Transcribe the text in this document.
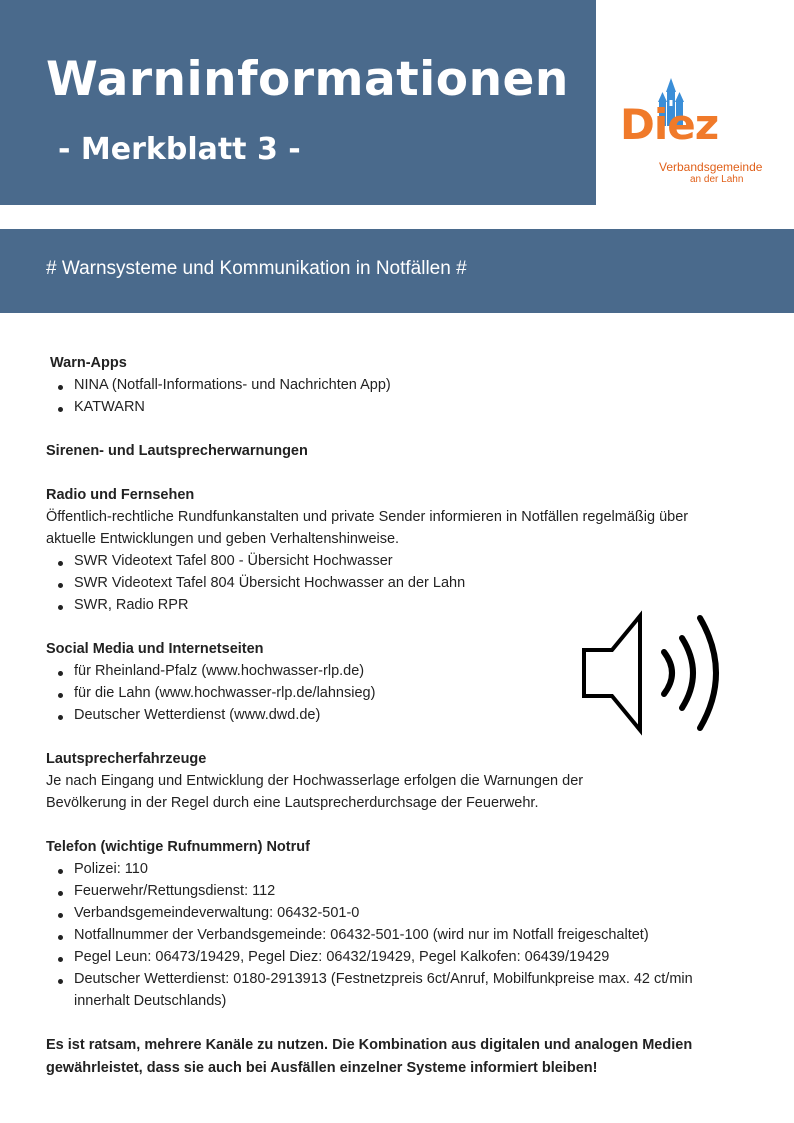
Warninformationen
- Merkblatt 3 -
Diez
Verbandsgemeinde
an der Lahn
# Warnsysteme und Kommunikation in Notfällen #
Warn-Apps
NINA (Notfall-Informations- und Nachrichten App)
KATWARN
Sirenen- und Lautsprecherwarnungen
Radio und Fernsehen

Öffentlich-rechtliche Rundfunkanstalten und private Sender informieren in Notfällen regelmäßig über aktuelle Entwicklungen und geben Verhaltenshinweise.

SWR Videotext Tafel 800 - Übersicht Hochwasser
SWR Videotext Tafel 804 Übersicht Hochwasser an der Lahn
SWR, Radio RPR
Social Media und Internetseiten
für Rheinland-Pfalz (www.hochwasser-rlp.de)
für die Lahn (www.hochwasser-rlp.de/lahnsieg)
Deutscher Wetterdienst (www.dwd.de)
Lautsprecherfahrzeuge

Je nach Eingang und Entwicklung der Hochwasserlage erfolgen die Warnungen der Bevölkerung in der Regel durch eine Lautsprecherdurchsage der Feuerwehr.

Telefon (wichtige Rufnummern) Notruf
Polizei: 110
Feuerwehr/Rettungsdienst: 112
Verbandsgemeindeverwaltung: 06432-501-0
Notfallnummer der Verbandsgemeinde: 06432-501-100 (wird nur im Notfall freigeschaltet)
Pegel Leun: 06473/19429, Pegel Diez: 06432/19429, Pegel Kalkofen: 06439/19429
Deutscher Wetterdienst: 0180-2913913 (Festnetzpreis 6ct/Anruf, Mobilfunkpreise max. 42 ct/min innerhalt Deutschlands)

Es ist ratsam, mehrere Kanäle zu nutzen. Die Kombination aus digitalen und analogen Medien gewährleistet, dass sie auch bei Ausfällen einzelner Systeme informiert bleiben!
